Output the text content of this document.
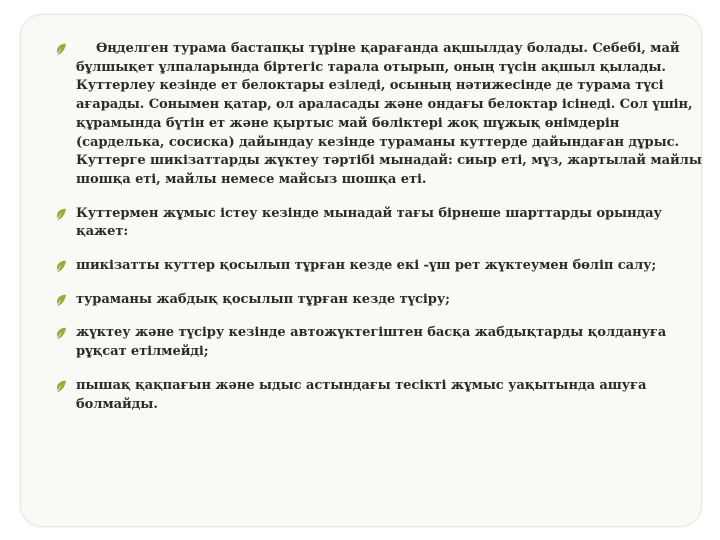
Өңделген турама бастапқы түріне қарағанда ақшылдау болады. Себебі, май бұлшықет ұлпаларында біртегіс тарала отырып, оның түсін ақшыл қылады. Куттерлеу кезінде ет белоктары езіледі, осының нәтижесінде де турама түсі ағарады. Сонымен қатар, ол араласады және ондағы белоктар ісінеді. Сол үшін, құрамында бүтін ет және қыртыс май бөліктері жоқ шұжық өнімдерін (сарделька, сосиска) дайындау кезінде тураманы куттерде дайындаған дұрыс. Куттерге шикізаттарды жүктеу тәртібі мынадай: сиыр еті, мұз, жартылай майлы шошқа еті, майлы немесе майсыз шошқа еті.
Куттермен жұмыс істеу кезінде мынадай тағы бірнеше шарттарды орындау қажет:
шикізатты куттер қосылып тұрған кезде екі -үш рет жүктеумен бөліп салу;
тураманы жабдық қосылып тұрған кезде түсіру;
жүктеу және түсіру кезінде автожүктегіштен басқа жабдықтарды қолдануға рұқсат етілмейді;
пышақ қақпағын және ыдыс астындағы тесікті жұмыс уақытында ашуға болмайды.
